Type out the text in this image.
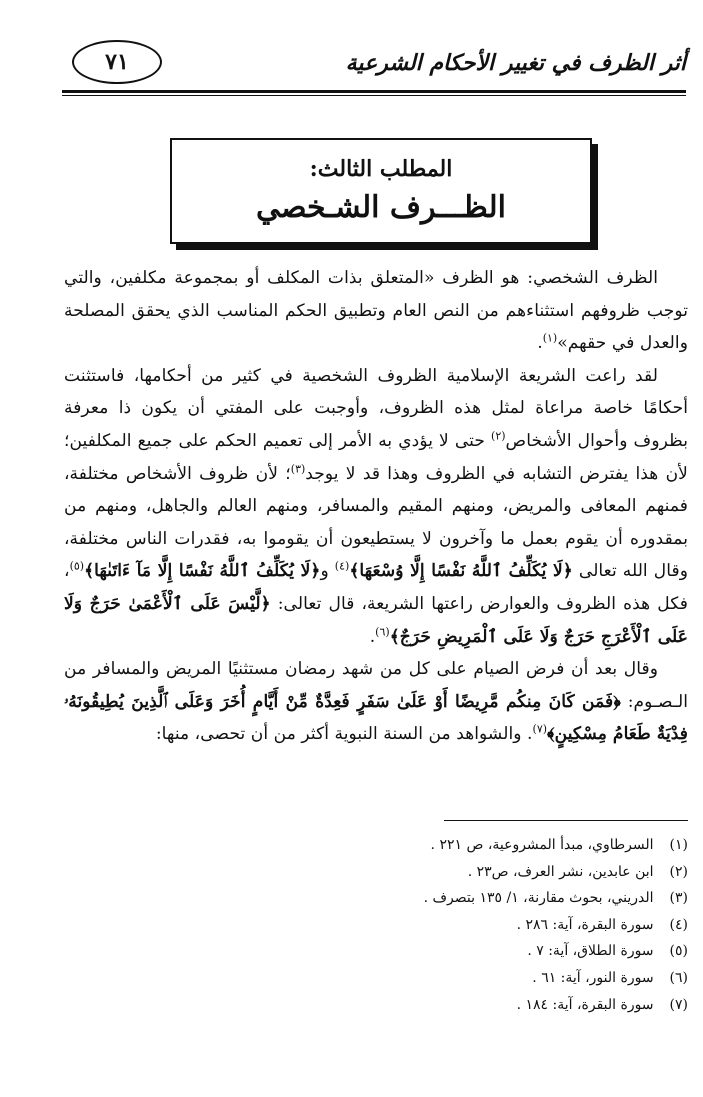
٧١	أثر الظرف في تغيير الأحكام الشرعية
المطلب الثالث:
الظـــرف الشـخصي

الظرف الشخصي: هو الظرف «المتعلق بذات المكلف أو بمجموعة مكلفين، والتي توجب ظروفهم استثناءهم من النص العام وتطبيق الحكم المناسب الذي يحقق المصلحة والعدل في حقهم»$^{(١)}$.

لقد راعت الشريعة الإسلامية الظروف الشخصية في كثير من أحكامها، فاستثنت أحكامًا خاصة مراعاة لمثل هذه الظروف، وأوجبت على المفتي أن يكون ذا معرفة بظروف وأحوال الأشخاص$^{(٢)}$ حتى لا يؤدي به الأمر إلى تعميم الحكم على جميع المكلفين؛ لأن هذا يفترض التشابه في الظروف وهذا قد لا يوجد$^{(٣)}$؛ لأن ظروف الأشخاص مختلفة، فمنهم المعافى والمريض، ومنهم المقيم والمسافر، ومنهم العالم والجاهل، ومنهم من بمقدوره أن يقوم بعمل ما وآخرون لا يستطيعون أن يقوموا به، فقدرات الناس مختلفة، وقال الله تعالى ﴿لَا يُكَلِّفُ ٱللَّهُ نَفْسًا إِلَّا وُسْعَهَا﴾$^{(٤)}$ و﴿لَا يُكَلِّفُ ٱللَّهُ نَفْسًا إِلَّا مَآ ءَاتَىٰهَا﴾$^{(٥)}$، فكل هذه الظروف والعوارض راعتها الشريعة، قال تعالى: ﴿لَّيْسَ عَلَى ٱلْأَعْمَىٰ حَرَجٌ وَلَا عَلَى ٱلْأَعْرَجِ حَرَجٌ وَلَا عَلَى ٱلْمَرِيضِ حَرَجٌ﴾$^{(٦)}$.

وقال بعد أن فرض الصيام على كل من شهد رمضان مستثنيًا المريض والمسافر من الـصـوم: ﴿فَمَن كَانَ مِنكُم مَّرِيضًا أَوْ عَلَىٰ سَفَرٍ فَعِدَّةٌ مِّنْ أَيَّامٍ أُخَرَ وَعَلَى ٱلَّذِينَ يُطِيقُونَهُۥ فِدْيَةٌ طَعَامُ مِسْكِينٍ﴾$^{(٧)}$. والشواهد من السنة النبوية أكثر من أن تحصى، منها:

(١) السرطاوي، مبدأ المشروعية، ص ٢٢١ .
(٢) ابن عابدين، نشر العرف، ص٢٣ .
(٣) الدريني، بحوث مقارنة، ١/ ١٣٥ بتصرف .
(٤) سورة البقرة، آية: ٢٨٦ .
(٥) سورة الطلاق، آية: ٧ .
(٦) سورة النور، آية: ٦١ .
(٧) سورة البقرة، آية: ١٨٤ .
